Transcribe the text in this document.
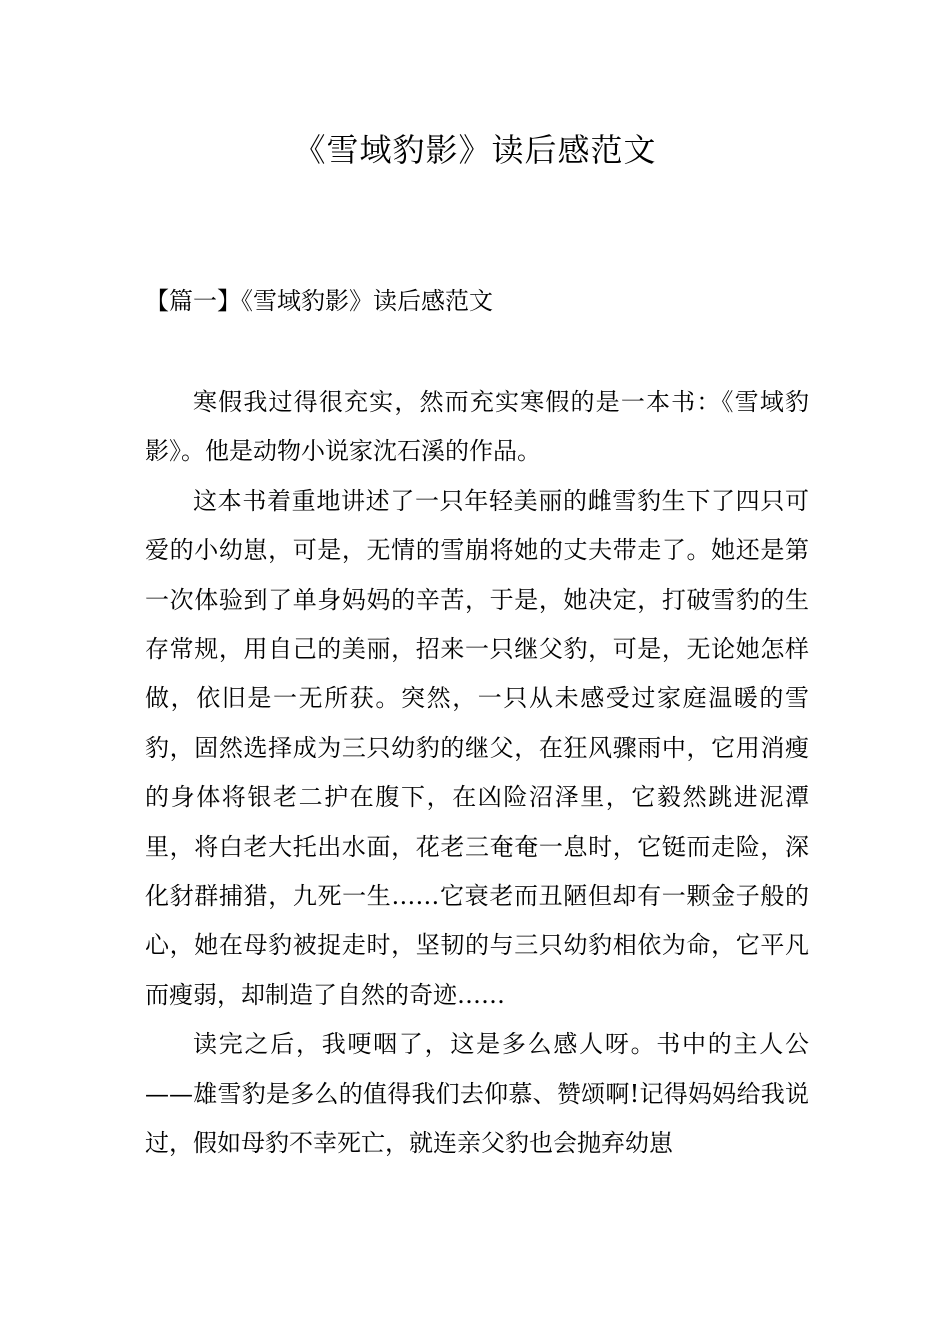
《雪域豹影》读后感范文
【篇一】《雪域豹影》读后感范文

寒假我过得很充实，然而充实寒假的是一本书：《雪域豹影》。他是动物小说家沈石溪的作品。

这本书着重地讲述了一只年轻美丽的雌雪豹生下了四只可爱的小幼崽，可是，无情的雪崩将她的丈夫带走了。她还是第一次体验到了单身妈妈的辛苦，于是，她决定，打破雪豹的生存常规，用自己的美丽，招来一只继父豹，可是，无论她怎样做，依旧是一无所获。突然，一只从未感受过家庭温暖的雪豹，固然选择成为三只幼豹的继父，在狂风骤雨中，它用消瘦的身体将银老二护在腹下，在凶险沼泽里，它毅然跳进泥潭里，将白老大托出水面，花老三奄奄一息时，它铤而走险，深化豺群捕猎，九死一生……它衰老而丑陋但却有一颗金子般的心，她在母豹被捉走时，坚韧的与三只幼豹相依为命，它平凡而瘦弱，却制造了自然的奇迹……

读完之后，我哽咽了，这是多么感人呀。书中的主人公——雄雪豹是多么的值得我们去仰慕、赞颂啊!记得妈妈给我说过，假如母豹不幸死亡，就连亲父豹也会抛弃幼崽
